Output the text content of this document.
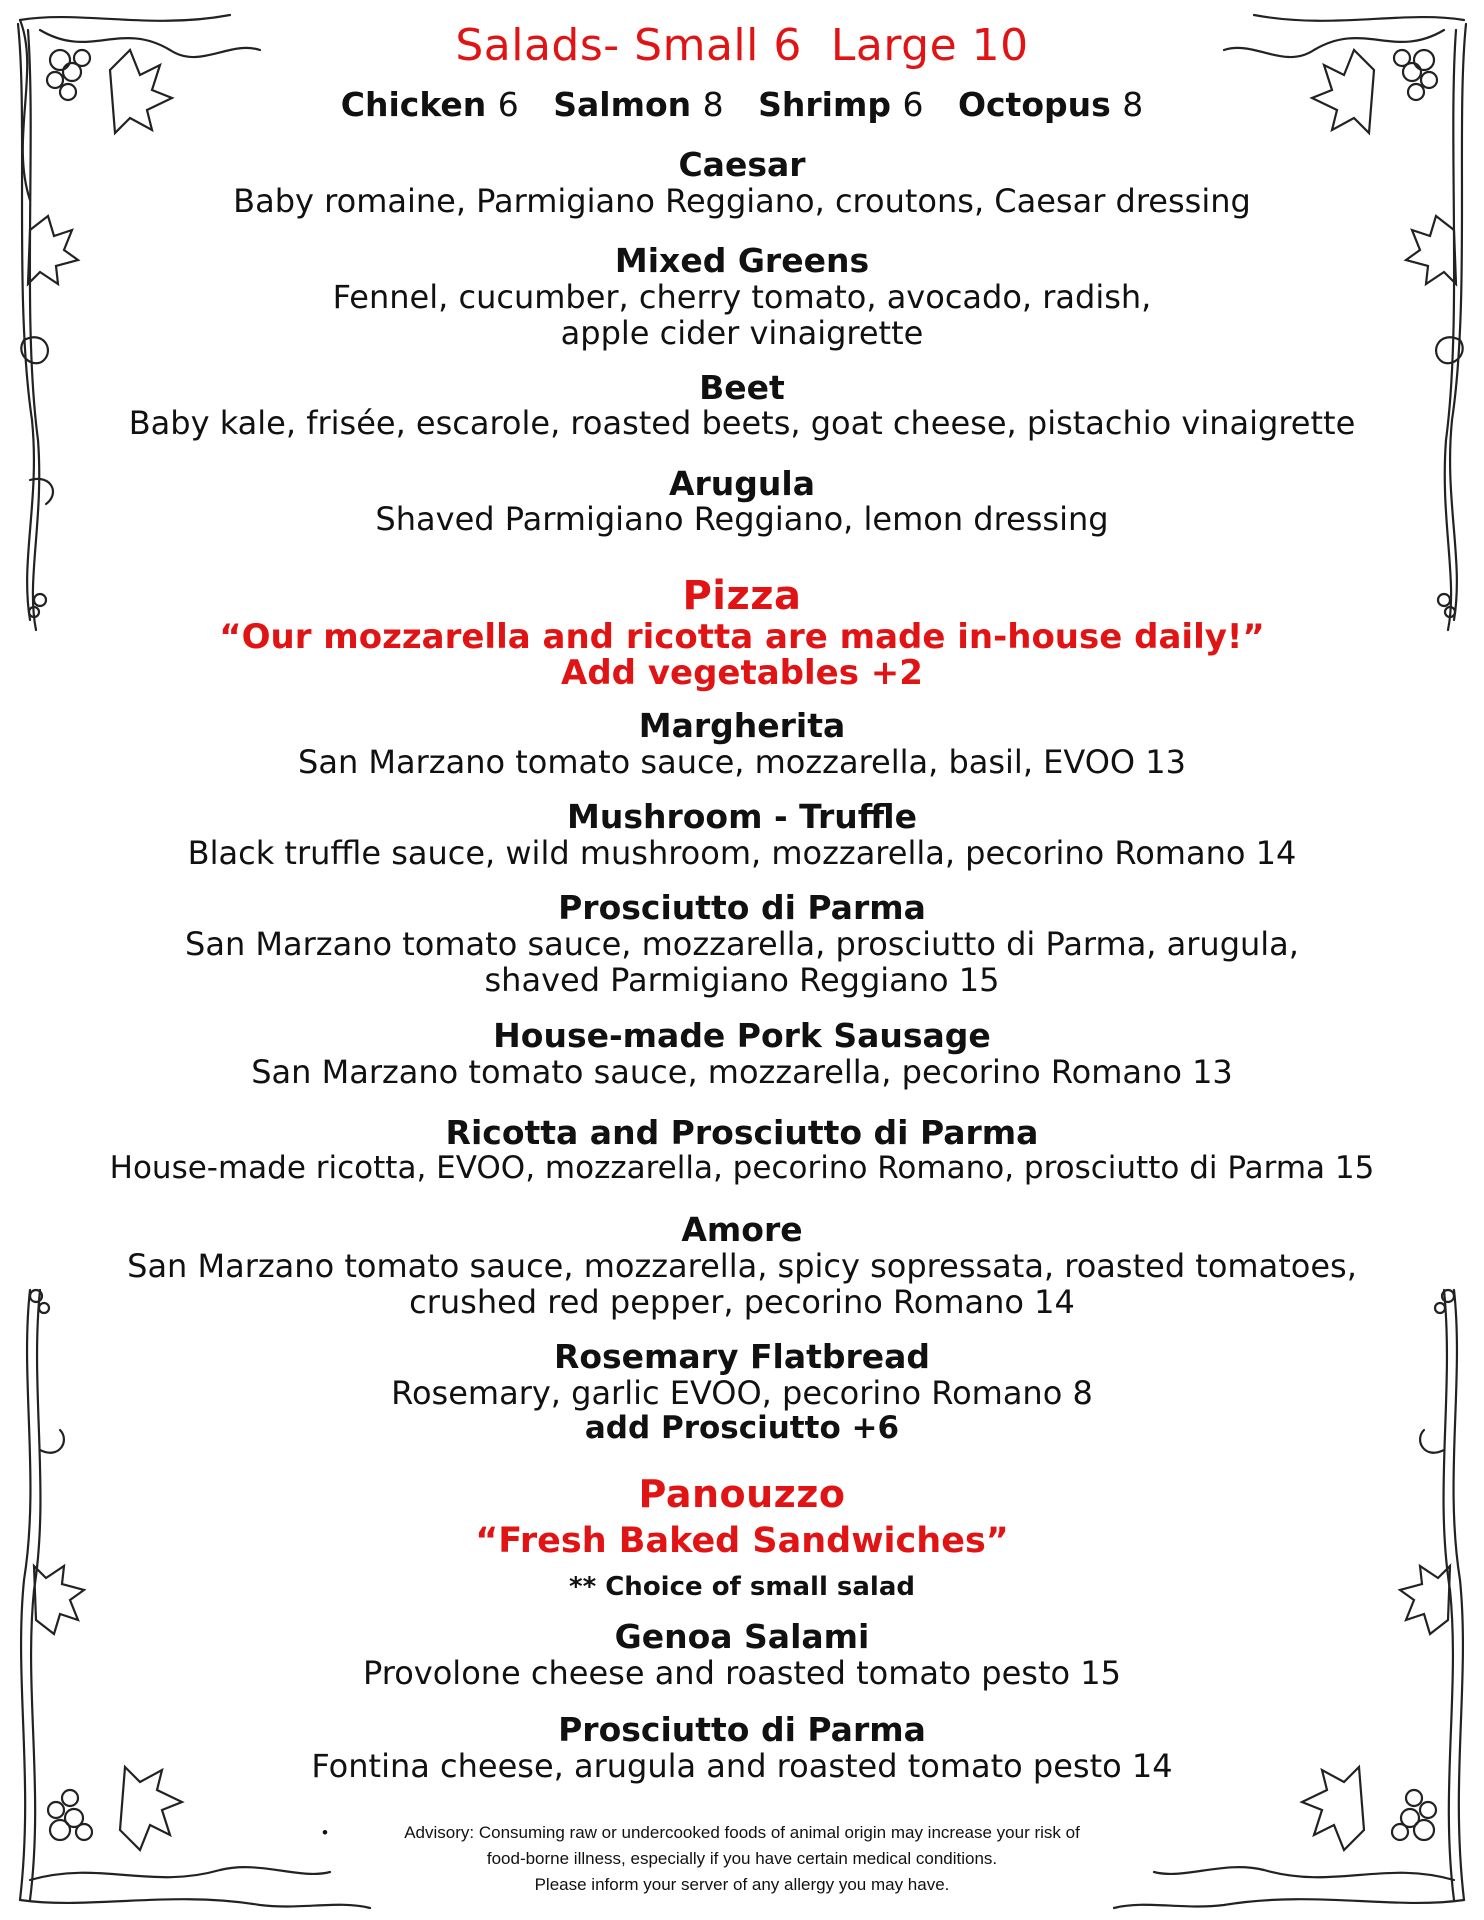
Salads- Small 6 Large 10
Chicken 6 Salmon 8 Shrimp 6 Octopus 8
Caesar
Baby romaine, Parmigiano Reggiano, croutons, Caesar dressing
Mixed Greens
Fennel, cucumber, cherry tomato, avocado, radish,
apple cider vinaigrette
Beet
Baby kale, frisée, escarole, roasted beets, goat cheese, pistachio vinaigrette
Arugula
Shaved Parmigiano Reggiano, lemon dressing
Pizza
“Our mozzarella and ricotta are made in-house daily!”
Add vegetables +2
Margherita
San Marzano tomato sauce, mozzarella, basil, EVOO 13
Mushroom - Truffle
Black truffle sauce, wild mushroom, mozzarella, pecorino Romano 14
Prosciutto di Parma
San Marzano tomato sauce, mozzarella, prosciutto di Parma, arugula,
shaved Parmigiano Reggiano 15
House-made Pork Sausage
San Marzano tomato sauce, mozzarella, pecorino Romano 13
Ricotta and Prosciutto di Parma
House-made ricotta, EVOO, mozzarella, pecorino Romano, prosciutto di Parma 15
Amore
San Marzano tomato sauce, mozzarella, spicy sopressata, roasted tomatoes,
crushed red pepper, pecorino Romano 14
Rosemary Flatbread
Rosemary, garlic EVOO, pecorino Romano 8
add Prosciutto +6
Panouzzo
“Fresh Baked Sandwiches”
** Choice of small salad
Genoa Salami
Provolone cheese and roasted tomato pesto 15
Prosciutto di Parma
Fontina cheese, arugula and roasted tomato pesto 14
•	Advisory: Consuming raw or undercooked foods of animal origin may increase your risk of
food-borne illness, especially if you have certain medical conditions.
Please inform your server of any allergy you may have.
